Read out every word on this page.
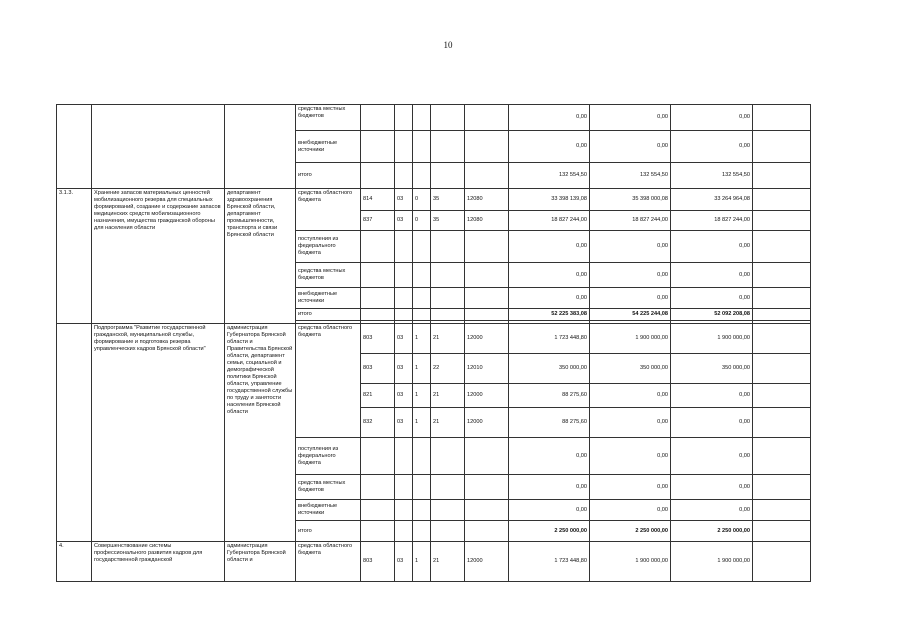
10
			средства местных бюджетов						0,00	0,00	0,00	
			внебюджетные источники						0,00	0,00	0,00	
			итого						132 554,50	132 554,50	132 554,50	
3.1.3.	Хранение запасов материальных ценностей мобилизационного резерва для специальных формирований, создание и содержание запасов медицинских средств мобилизационного назначения, имущества гражданской обороны для населения области	департамент здравоохранения Брянской области, департамент промышленности, транспорта и связи Брянской области	средства областного бюджета	814	03	0	35	12080	33 398 139,08	35 398 000,08	33 264 964,08	
				837	03	0	35	12080	18 827 244,00	18 827 244,00	18 827 244,00	
			поступления из федерального бюджета						0,00	0,00	0,00	
			средства местных бюджетов						0,00	0,00	0,00	
			внебюджетные источники						0,00	0,00	0,00	
			итого						52 225 383,08	54 225 244,08	52 092 208,08	

	Подпрограмма "Развитие государственной гражданской, муниципальной службы, формирование и подготовка резерва управленческих кадров Брянской области"	администрация Губернатора Брянской области и Правительства Брянской области, департамент семьи, социальной и демографической политики Брянской области, управление государственной службы по труду и занятости населения Брянской области	средства областного бюджета	803	03	1	21	12000	1 723 448,80	1 900 000,00	1 900 000,00	
				803	03	1	22	12010	350 000,00	350 000,00	350 000,00	
				821	03	1	21	12000	88 275,60	0,00	0,00	
				832	03	1	21	12000	88 275,60	0,00	0,00	
			поступления из федерального бюджета						0,00	0,00	0,00	
			средства местных бюджетов						0,00	0,00	0,00	
			внебюджетные источники						0,00	0,00	0,00	
			итого						2 250 000,00	2 250 000,00	2 250 000,00	
4.	Совершенствование системы профессионального развития кадров для государственной гражданской	администрация Губернатора Брянской области и	средства областного бюджета	803	03	1	21	12000	1 723 448,80	1 900 000,00	1 900 000,00	
